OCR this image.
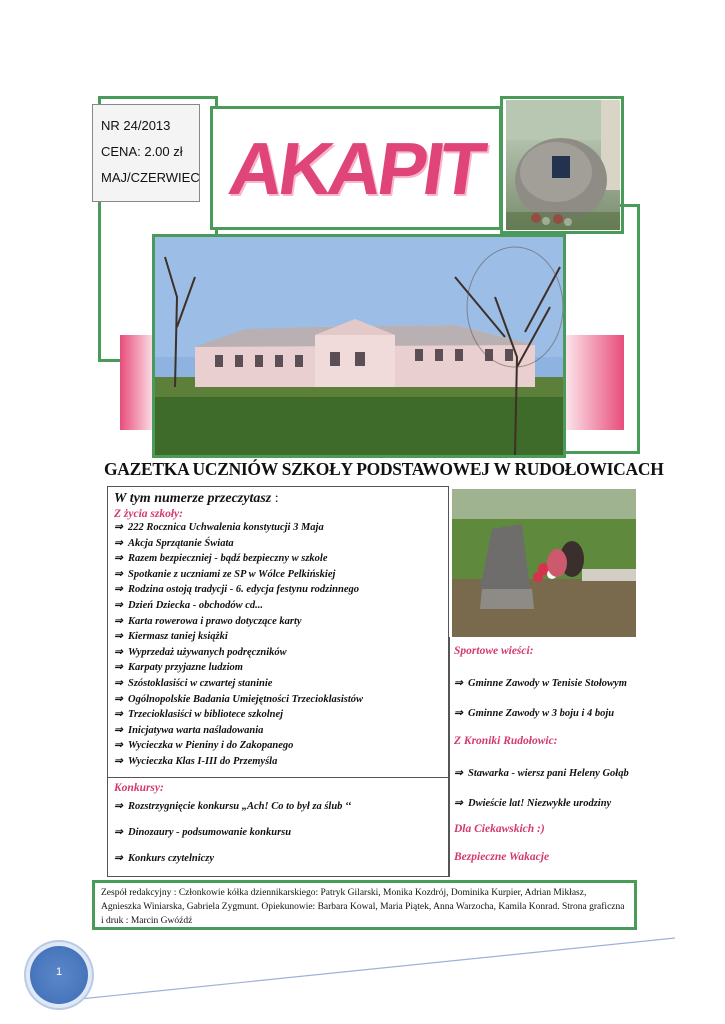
NR 24/2013
CENA: 2.00 zł
MAJ/CZERWIEC AKAPIT
GAZETKA UCZNIÓW SZKOŁY PODSTAWOWEJ W RUDOŁOWICACH
W tym numerze przeczytasz :
Z życia szkoły:
⇒ 222 Rocznica Uchwalenia konstytucji 3 Maja
⇒ Akcja Sprzątanie Świata
⇒ Razem bezpieczniej - bądź bezpieczny w szkole
⇒ Spotkanie z uczniami ze SP w Wólce Pelkińskiej
⇒ Rodzina ostoją tradycji - 6. edycja festynu rodzinnego
⇒ Dzień Dziecka - obchodów cd...
⇒ Karta rowerowa i prawo dotyczące karty
⇒ Kiermasz taniej książki
⇒ Wyprzedaż używanych podręczników
⇒ Karpaty przyjazne ludziom
⇒ Szóstoklasiści w czwartej staninie
⇒ Ogólnopolskie Badania Umiejętności Trzecioklasistów
⇒ Trzecioklasiści w bibliotece szkolnej
⇒ Inicjatywa warta naśladowania
⇒ Wycieczka w Pieniny i do Zakopanego
⇒ Wycieczka Klas I-III do Przemyśla
Konkursy:
⇒ Rozstrzygnięcie konkursu „Ach! Co to był za ślub ‘‘
⇒ Dinozaury - podsumowanie konkursu
⇒ Konkurs czytelniczy
Sportowe wieści:
⇒ Gminne Zawody w Tenisie Stołowym
⇒ Gminne Zawody w 3 boju i 4 boju
Z Kroniki Rudołowic:
⇒ Stawarka - wiersz pani Heleny Gołąb
⇒ Dwieście lat! Niezwykłe urodziny
Dla Ciekawskich :)
Bezpieczne Wakacje
Zespół redakcyjny : Członkowie kółka dziennikarskiego: Patryk Gilarski, Monika Kozdrój, Dominika Kurpier, Adrian Mikłasz, Agnieszka Winiarska, Gabriela Zygmunt. Opiekunowie: Barbara Kowal, Maria Piątek, Anna Warzocha, Kamila Konrad. Strona graficzna i druk : Marcin Gwóźdź
1
